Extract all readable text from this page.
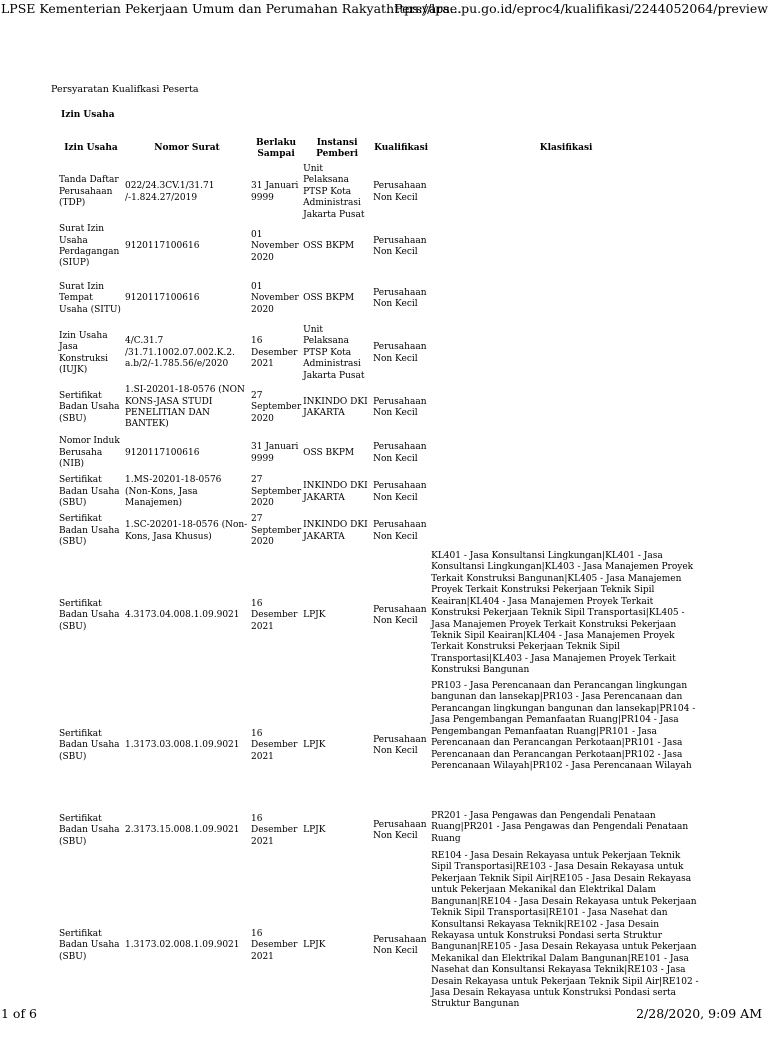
LPSE Kementerian Pekerjaan Umum dan Perumahan Rakyat: Persyara...
https://lpse.pu.go.id/eproc4/kualifikasi/2244052064/preview
Persyaratan Kualifkasi Peserta
Izin Usaha
Izin Usaha	Nomor Surat	Berlaku Sampai	Instansi Pemberi	Kualifikasi	Klasifikasi
Tanda Daftar Perusahaan (TDP)	022/24.3CV.1/31.71 /-1.824.27/2019	31 Januari 9999	Unit Pelaksana PTSP Kota Administrasi Jakarta Pusat	Perusahaan Non Kecil	
Surat Izin Usaha Perdagangan (SIUP)	9120117100616	01 November 2020	OSS BKPM	Perusahaan Non Kecil	
Surat Izin Tempat Usaha (SITU)	9120117100616	01 November 2020	OSS BKPM	Perusahaan Non Kecil	
Izin Usaha Jasa Konstruksi (IUJK)	4/C.31.7 /31.71.1002.07.002.K.2. a.b/2/-1.785.56/e/2020	16 Desember 2021	Unit Pelaksana PTSP Kota Administrasi Jakarta Pusat	Perusahaan Non Kecil	
Sertifikat Badan Usaha (SBU)	1.SI-20201-18-0576 (NON KONS-JASA STUDI PENELITIAN DAN BANTEK)	27 September 2020	INKINDO DKI JAKARTA	Perusahaan Non Kecil	
Nomor Induk Berusaha (NIB)	9120117100616	31 Januari 9999	OSS BKPM	Perusahaan Non Kecil	
Sertifikat Badan Usaha (SBU)	1.MS-20201-18-0576 (Non-Kons, Jasa Manajemen)	27 September 2020	INKINDO DKI JAKARTA	Perusahaan Non Kecil	
Sertifikat Badan Usaha (SBU)	1.SC-20201-18-0576 (Non-Kons, Jasa Khusus)	27 September 2020	INKINDO DKI JAKARTA	Perusahaan Non Kecil	
Sertifikat Badan Usaha (SBU)	4.3173.04.008.1.09.9021	16 Desember 2021	LPJK	Perusahaan Non Kecil	KL401 - Jasa Konsultansi Lingkungan|KL401 - Jasa Konsultansi Lingkungan|KL403 - Jasa Manajemen Proyek Terkait Konstruksi Bangunan|KL405 - Jasa Manajemen Proyek Terkait Konstruksi Pekerjaan Teknik Sipil Keairan|KL404 - Jasa Manajemen Proyek Terkait Konstruksi Pekerjaan Teknik Sipil Transportasi|KL405 - Jasa Manajemen Proyek Terkait Konstruksi Pekerjaan Teknik Sipil Keairan|KL404 - Jasa Manajemen Proyek Terkait Konstruksi Pekerjaan Teknik Sipil Transportasi|KL403 - Jasa Manajemen Proyek Terkait Konstruksi Bangunan
Sertifikat Badan Usaha (SBU)	1.3173.03.008.1.09.9021	16 Desember 2021	LPJK	Perusahaan Non Kecil	PR103 - Jasa Perencanaan dan Perancangan lingkungan bangunan dan lansekap|PR103 - Jasa Perencanaan dan Perancangan lingkungan bangunan dan lansekap|PR104 - Jasa Pengembangan Pemanfaatan Ruang|PR104 - Jasa Pengembangan Pemanfaatan Ruang|PR101 - Jasa Perencanaan dan Perancangan Perkotaan|PR101 - Jasa Perencanaan dan Perancangan Perkotaan|PR102 - Jasa Perencanaan Wilayah|PR102 - Jasa Perencanaan Wilayah
Sertifikat Badan Usaha (SBU)	2.3173.15.008.1.09.9021	16 Desember 2021	LPJK	Perusahaan Non Kecil	PR201 - Jasa Pengawas dan Pengendali Penataan Ruang|PR201 - Jasa Pengawas dan Pengendali Penataan Ruang
Sertifikat Badan Usaha (SBU)	1.3173.02.008.1.09.9021	16 Desember 2021	LPJK	Perusahaan Non Kecil	RE104 - Jasa Desain Rekayasa untuk Pekerjaan Teknik Sipil Transportasi|RE103 - Jasa Desain Rekayasa untuk Pekerjaan Teknik Sipil Air|RE105 - Jasa Desain Rekayasa untuk Pekerjaan Mekanikal dan Elektrikal Dalam Bangunan|RE104 - Jasa Desain Rekayasa untuk Pekerjaan Teknik Sipil Transportasi|RE101 - Jasa Nasehat dan Konsultansi Rekayasa Teknik|RE102 - Jasa Desain Rekayasa untuk Konstruksi Pondasi serta Struktur Bangunan|RE105 - Jasa Desain Rekayasa untuk Pekerjaan Mekanikal dan Elektrikal Dalam Bangunan|RE101 - Jasa Nasehat dan Konsultansi Rekayasa Teknik|RE103 - Jasa Desain Rekayasa untuk Pekerjaan Teknik Sipil Air|RE102 - Jasa Desain Rekayasa untuk Konstruksi Pondasi serta Struktur Bangunan
1 of 6	2/28/2020, 9:09 AM
